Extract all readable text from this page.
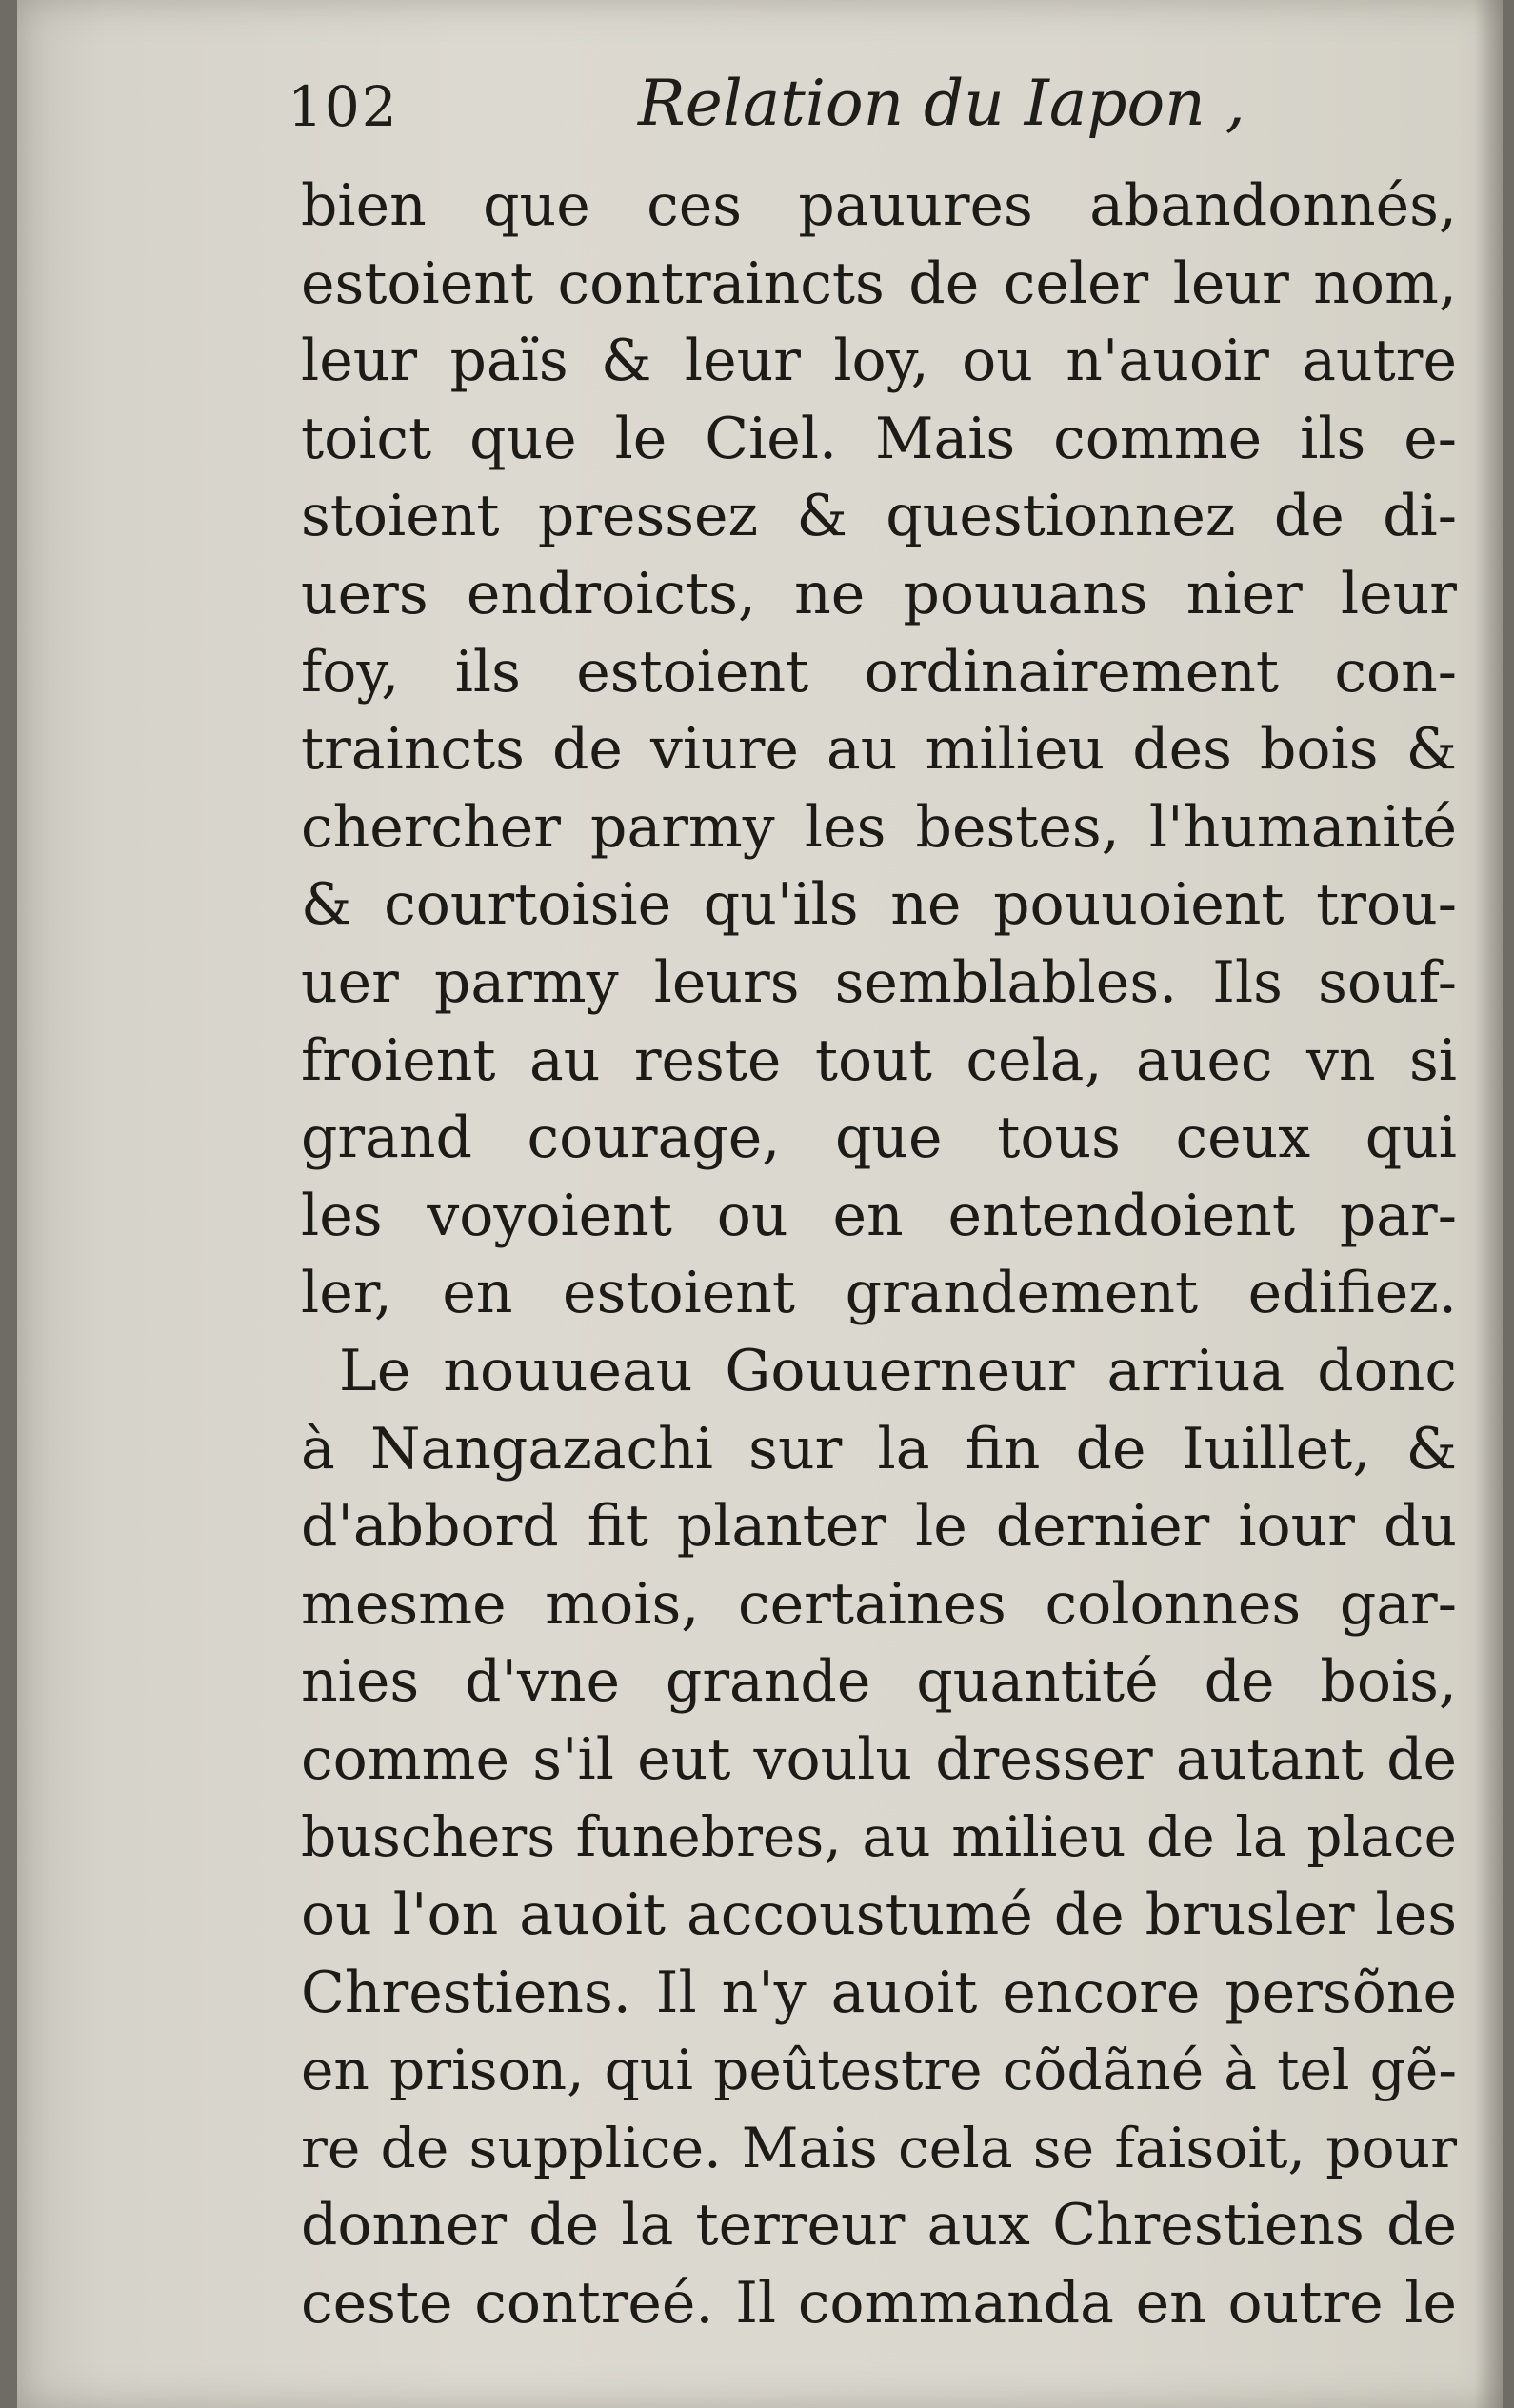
102	Relation du Iapon ,
bien que ces pauures abandonnés,
estoient contraincts de celer leur nom,
leur païs & leur loy, ou n'auoir autre
toict que le Ciel. Mais comme ils e-
stoient pressez & questionnez de di-
uers endroicts, ne pouuans nier leur
foy, ils estoient ordinairement con-
traincts de viure au milieu des bois &
chercher parmy les bestes, l'humanité
& courtoisie qu'ils ne pouuoient trou-
uer parmy leurs semblables. Ils souf-
froient au reste tout cela, auec vn si
grand courage, que tous ceux qui
les voyoient ou en entendoient par-
ler, en estoient grandement edifiez.
Le nouueau Gouuerneur arriua donc
à Nangazachi sur la fin de Iuillet, &
d'abbord fit planter le dernier iour du
mesme mois, certaines colonnes gar-
nies d'vne grande quantité de bois,
comme s'il eut voulu dresser autant de
buschers funebres, au milieu de la place
ou l'on auoit accoustumé de brusler les
Chrestiens. Il n'y auoit encore persõne
en prison, qui peûtestre cõdãné à tel gẽ-
re de supplice. Mais cela se faisoit, pour
donner de la terreur aux Chrestiens de
ceste contreé. Il commanda en outre le
